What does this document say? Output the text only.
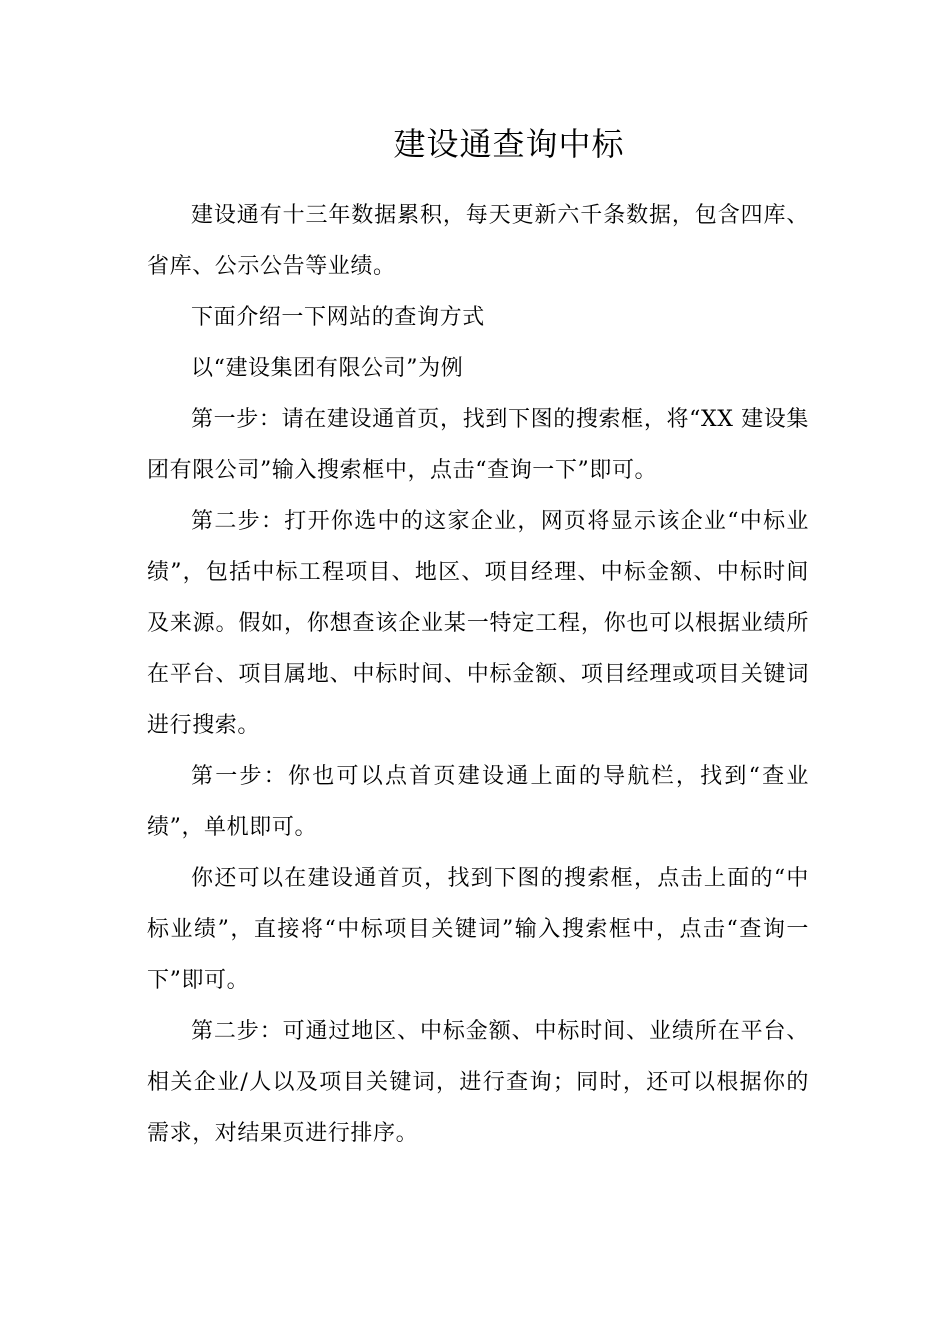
建设通查询中标

建设通有十三年数据累积，每天更新六千条数据，包含四库、省库、公示公告等业绩。

下面介绍一下网站的查询方式

以“建设集团有限公司”为例

第一步：请在建设通首页，找到下图的搜索框，将“XX 建设集团有限公司”输入搜索框中，点击“查询一下”即可。

第二步：打开你选中的这家企业，网页将显示该企业“中标业绩”，包括中标工程项目、地区、项目经理、中标金额、中标时间及来源。假如，你想查该企业某一特定工程，你也可以根据业绩所在平台、项目属地、中标时间、中标金额、项目经理或项目关键词进行搜索。

第一步：你也可以点首页建设通上面的导航栏，找到“查业绩”，单机即可。

你还可以在建设通首页，找到下图的搜索框，点击上面的“中标业绩”，直接将“中标项目关键词”输入搜索框中，点击“查询一下”即可。

第二步：可通过地区、中标金额、中标时间、业绩所在平台、相关企业/人以及项目关键词，进行查询；同时，还可以根据你的需求，对结果页进行排序。
